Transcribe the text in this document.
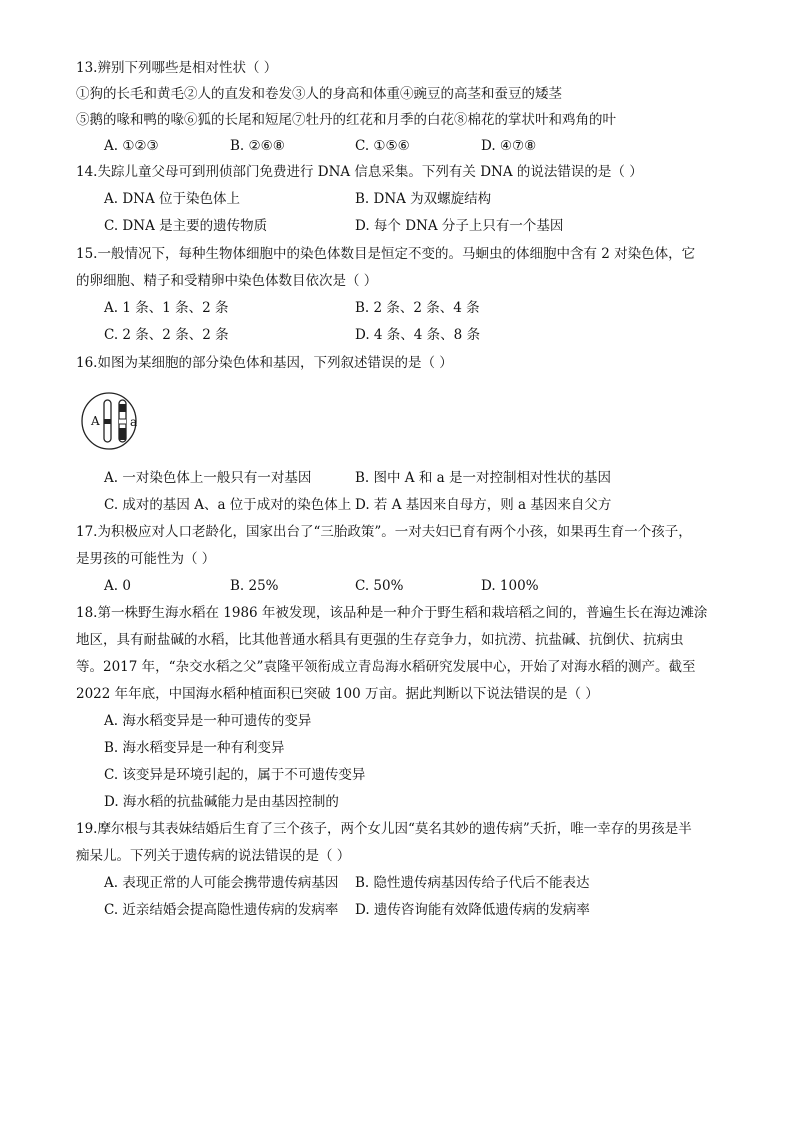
13.辨别下列哪些是相对性状（ ）
①狗的长毛和黄毛②人的直发和卷发③人的身高和体重④豌豆的高茎和蚕豆的矮茎
⑤鹅的喙和鸭的喙⑥狐的长尾和短尾⑦牡丹的红花和月季的白花⑧棉花的掌状叶和鸡角的叶
A. ①②③	B. ②⑥⑧	C. ①⑤⑥	D. ④⑦⑧
14.失踪儿童父母可到刑侦部门免费进行 DNA 信息采集。下列有关 DNA 的说法错误的是（ ）
A. DNA 位于染色体上	B. DNA 为双螺旋结构
C. DNA 是主要的遗传物质	D. 每个 DNA 分子上只有一个基因
15.一般情况下，每种生物体细胞中的染色体数目是恒定不变的。马蛔虫的体细胞中含有 2 对染色体，它
的卵细胞、精子和受精卵中染色体数目依次是（ ）
A. 1 条、1 条、2 条	B. 2 条、2 条、4 条
C. 2 条、2 条、2 条	D. 4 条、4 条、8 条
16.如图为某细胞的部分染色体和基因，下列叙述错误的是（ ）
A	a
A. 一对染色体上一般只有一对基因	B. 图中 A 和 a 是一对控制相对性状的基因
C. 成对的基因 A、a 位于成对的染色体上 D. 若 A 基因来自母方，则 a 基因来自父方
17.为积极应对人口老龄化，国家出台了“三胎政策”。一对夫妇已育有两个小孩，如果再生育一个孩子，
是男孩的可能性为（ ）
A. 0	B. 25%	C. 50%	D. 100%
18.第一株野生海水稻在 1986 年被发现，该品种是一种介于野生稻和栽培稻之间的，普遍生长在海边滩涂
地区，具有耐盐碱的水稻，比其他普通水稻具有更强的生存竞争力，如抗涝、抗盐碱、抗倒伏、抗病虫
等。2017 年，“杂交水稻之父”袁隆平领衔成立青岛海水稻研究发展中心，开始了对海水稻的测产。截至
2022 年年底，中国海水稻种植面积已突破 100 万亩。据此判断以下说法错误的是（ ）
A. 海水稻变异是一种可遗传的变异
B. 海水稻变异是一种有利变异
C. 该变异是环境引起的，属于不可遗传变异
D. 海水稻的抗盐碱能力是由基因控制的
19.摩尔根与其表妹结婚后生育了三个孩子，两个女儿因“莫名其妙的遗传病”夭折，唯一幸存的男孩是半
痴呆儿。下列关于遗传病的说法错误的是（ ）
A. 表现正常的人可能会携带遗传病基因 B. 隐性遗传病基因传给子代后不能表达
C. 近亲结婚会提高隐性遗传病的发病率 D. 遗传咨询能有效降低遗传病的发病率
